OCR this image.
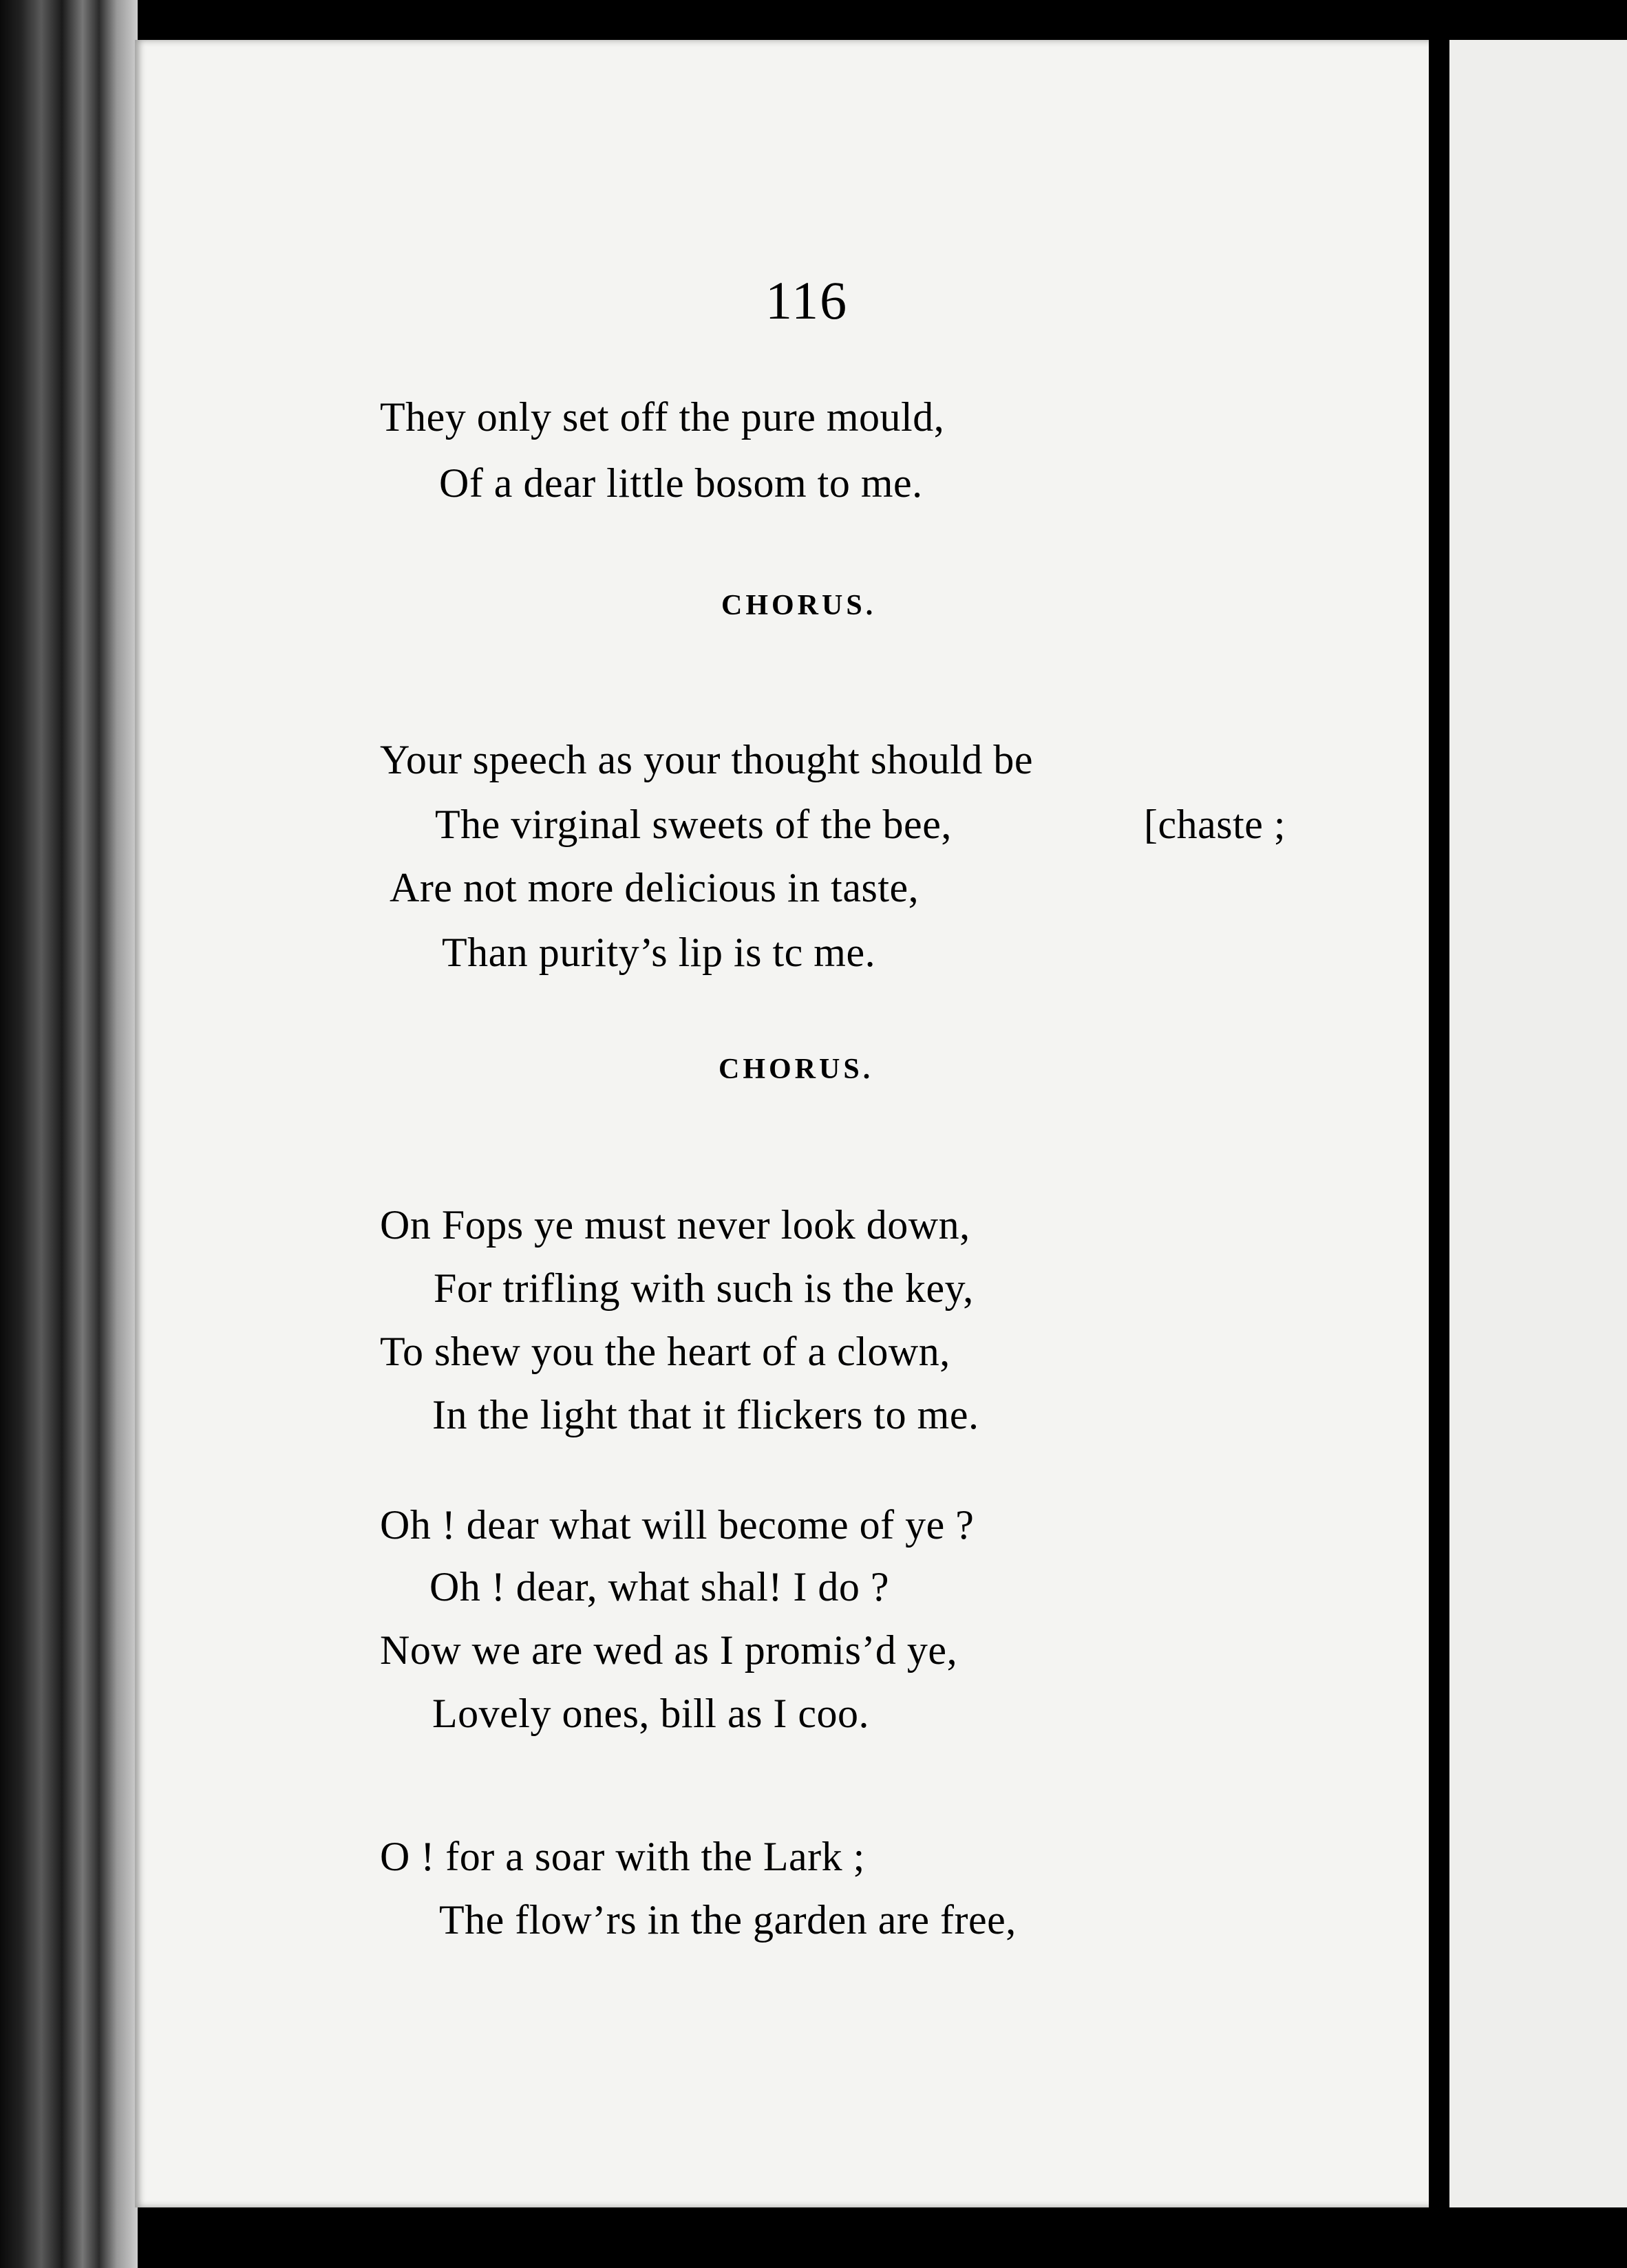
116
They only set off the pure mould,
Of a dear little bosom to me.
CHORUS.
Your speech as your thought should be
The virginal sweets of the bee,	[chaste ;
Are not more delicious in taste,
Than purity’s lip is tc me.
CHORUS.
On Fops ye must never look down,
For trifling with such is the key,
To shew you the heart of a clown,
In the light that it flickers to me.
Oh ! dear what will become of ye ?
Oh ! dear, what shal! I do ?
Now we are wed as I promis’d ye,
Lovely ones, bill as I coo.
O ! for a soar with the Lark ;
The flow’rs in the garden are free,
